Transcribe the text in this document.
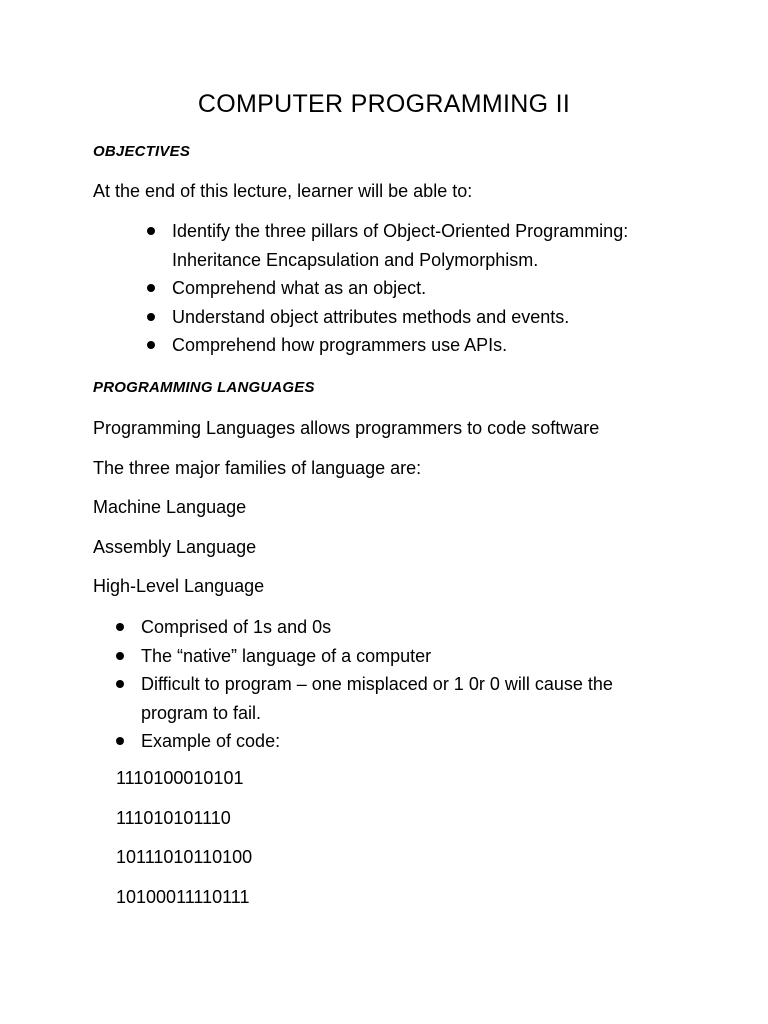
COMPUTER PROGRAMMING II
OBJECTIVES
At the end of this lecture, learner will be able to:
Identify the three pillars of Object-Oriented Programming:
Inheritance Encapsulation and Polymorphism.
Comprehend what as an object.
Understand object attributes methods and events.
Comprehend how programmers use APIs.
PROGRAMMING LANGUAGES
Programming Languages allows programmers to code software
The three major families of language are:
Machine Language
Assembly Language
High-Level Language
Comprised of 1s and 0s
The “native” language of a computer
Difficult to program – one misplaced or 1 0r 0 will cause the
program to fail.
Example of code:
1110100010101
111010101110
10111010110100
10100011110111
